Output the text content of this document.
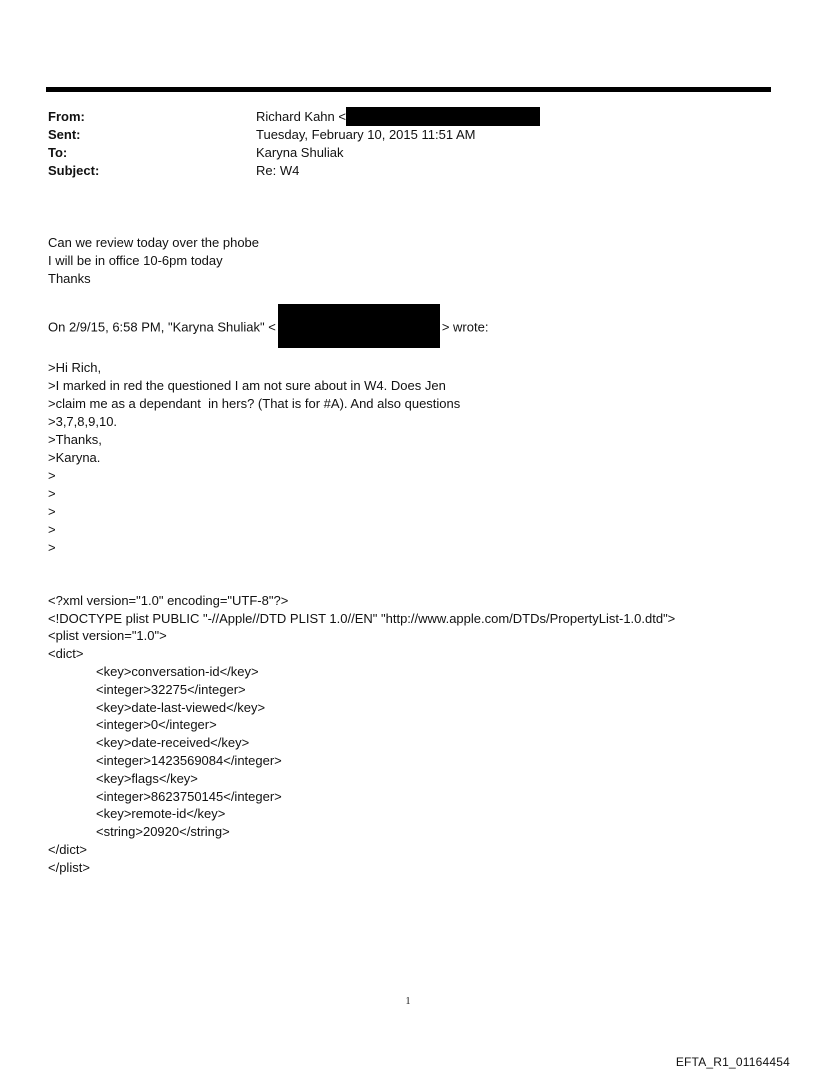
From:	Richard Kahn <
Sent:	Tuesday, February 10, 2015 11:51 AM
To:	Karyna Shuliak
Subject:	Re: W4

Can we review today over the phobe
I will be in office 10-6pm today
Thanks
On 2/9/15, 6:58 PM, "Karyna Shuliak" <	> wrote:

>Hi Rich,
>I marked in red the questioned I am not sure about in W4. Does Jen
>claim me as a dependant  in hers? (That is for #A). And also questions
>3,7,8,9,10.
>Thanks,
>Karyna.
>
>
>
>
>

<?xml version="1.0" encoding="UTF-8"?>
<!DOCTYPE plist PUBLIC "-//Apple//DTD PLIST 1.0//EN" "http://www.apple.com/DTDs/PropertyList-1.0.dtd">
<plist version="1.0">
<dict>
<key>conversation-id</key>
<integer>32275</integer>
<key>date-last-viewed</key>
<integer>0</integer>
<key>date-received</key>
<integer>1423569084</integer>
<key>flags</key>
<integer>8623750145</integer>
<key>remote-id</key>
<string>20920</string>
</dict>
</plist>
1
EFTA_R1_01164454
